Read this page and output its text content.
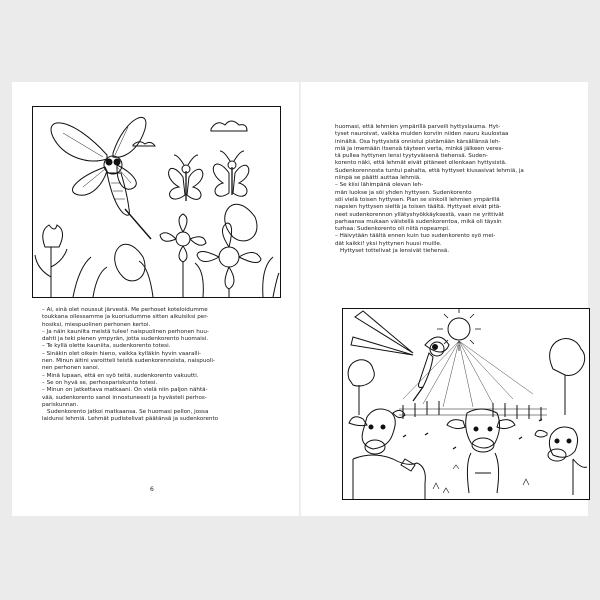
– Ai, sinä olet noussut järvestä. Me perhoset koteloidumme

toukkana ollessamme ja kuoriudumme sitten aikuisiksi per-

hosiksi, miespuolinen perhonen kertoi.

– Ja näin kauniita meistä tulee! naispuolinen perhonen huu-

dahti ja teki pienen ympyrän, jotta sudenkorento huomaisi.

– Te kyllä olette kauniita, sudenkorento totesi.

– Sinäkin olet oikein hieno, vaikka kylläkin hyvin vaaralli-

nen. Minun äitini varoitteli teistä sudenkorennoista, naispuoli-

nen perhonen sanoi.

– Minä lupaan, että en syö teitä, sudenkorento vakuutti.

– Se on hyvä se, perhospariskunta totesi.

– Minun on jatkettava matkaani. On vielä niin paljon nähtä-

vää, sudenkorento sanoi innostuneesti ja hyvästeli perhos-

pariskunnan.

Sudenkorento jatkoi matkaansa. Se huomasi pellon, jossa

laidunsi lehmiä. Lehmät pudistelivat päätänsä ja sudenkorento

6

huomasi, että lehmien ympärillä parveili hyttyslauma. Hyt-

tyset nauroivat, vaikka muiden korviin niiden nauru kuulostaa

ininältä. Osa hyttysistä onnistui pistämään kärsällänsä leh-

miä ja imemään itsensä täyteen verta, minkä jälkeen veres-

tä pullea hyttynen lensi tyytyväisenä tiehensä. Suden-

korento näki, että lehmät eivät pitäneet ollenkaan hyttysistä.

Sudenkorennosta tuntui pahalta, että hyttyset kiusasivat lehmiä, ja

niinpä se päätti auttaa lehmiä.

– Se kiisi lähimpänä olevan leh-

män luokse ja söi yhden hyttysen. Sudenkorento

söi vielä toisen hyttysen. Pian se sinkoili lehmien ympärillä

napsien hyttysen sieltä ja toisen täältä. Hyttyset eivät pitä-

neet sudenkorennon yllätyshyökkäyksestä, vaan ne yrittivät

parhaansa mukaan väistellä sudenkorentoa, mikä oli täysin

turhaa: Sudenkorento oli niitä nopeampi.

– Häivytään täältä ennen kuin tuo sudenkorento syö mei-

dät kaikki! yksi hyttynen huusi muille.

Hyttyset tottelivat ja lensivät tiehensä.
